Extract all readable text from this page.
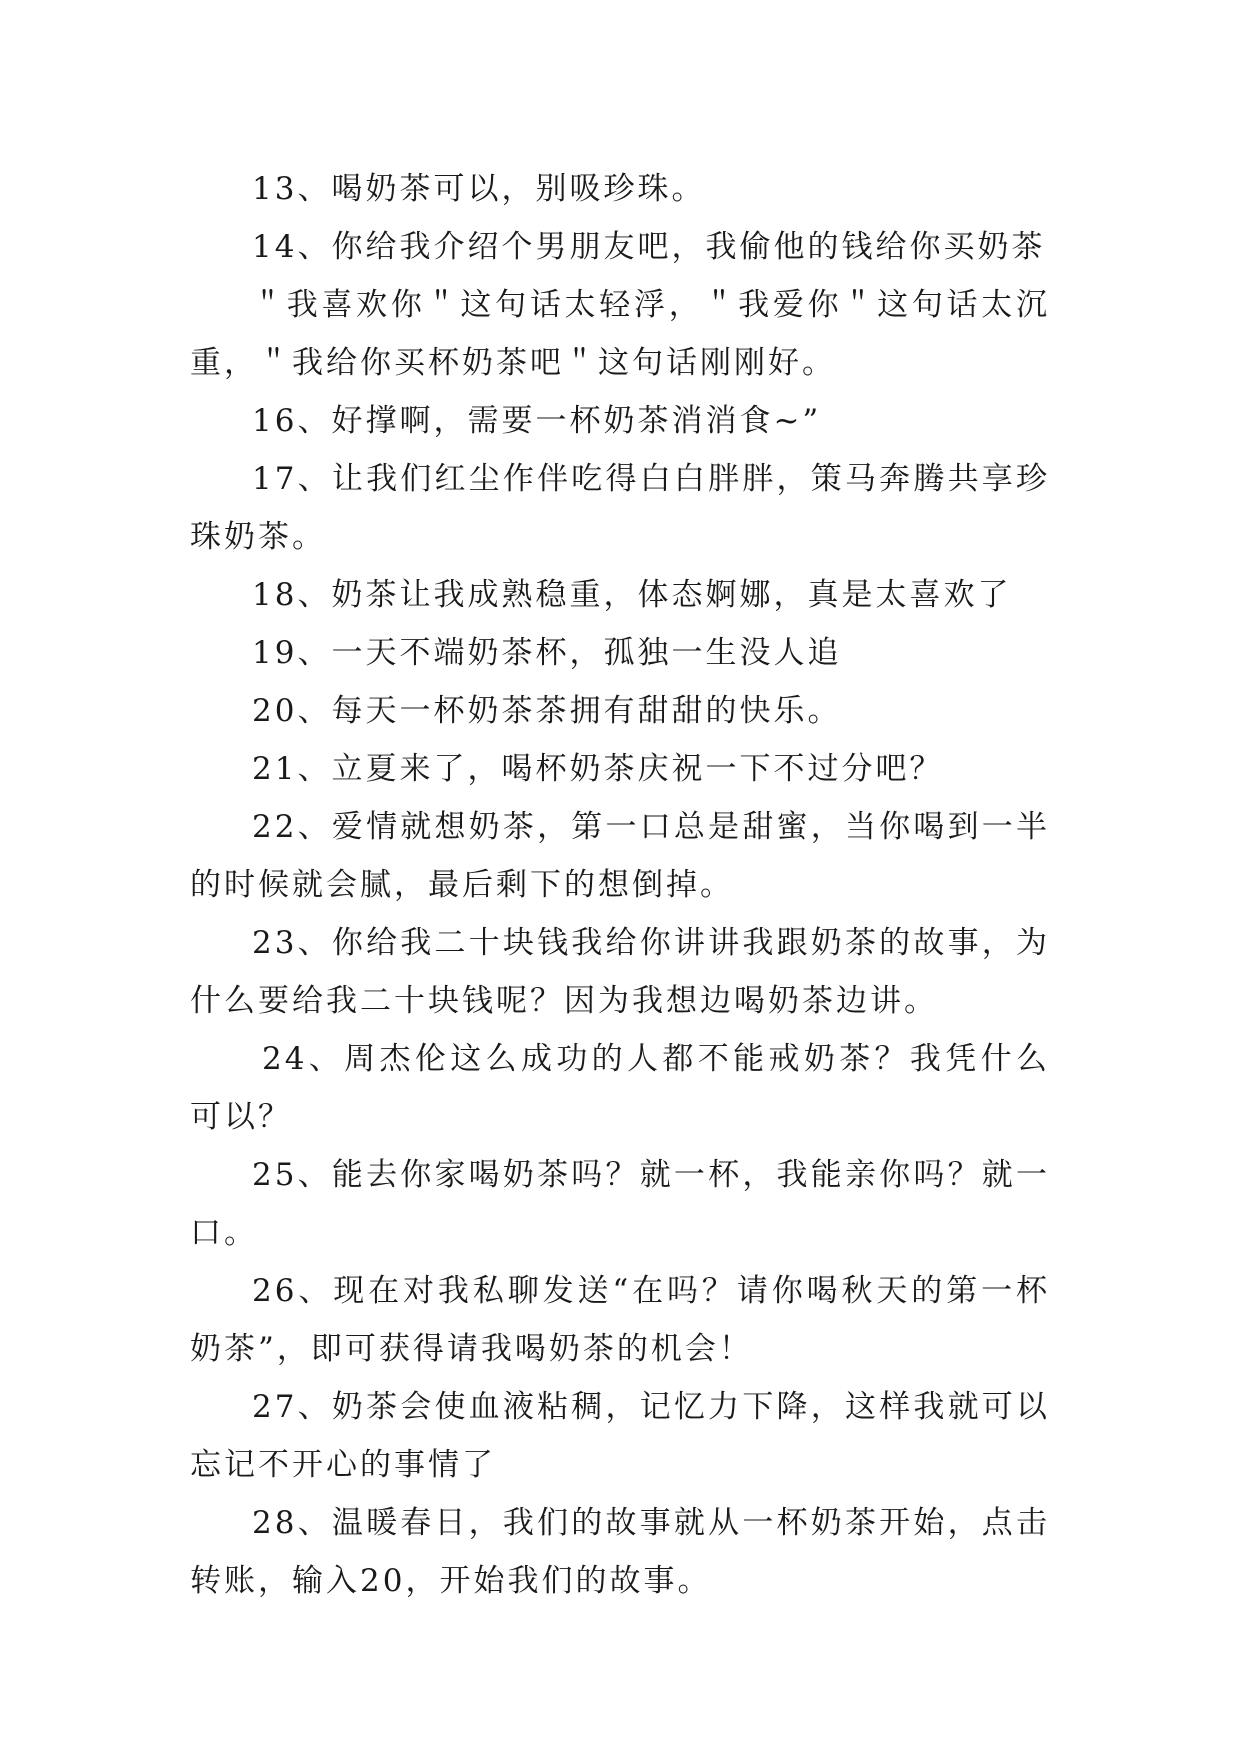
13、喝奶茶可以，别吸珍珠。

14、你给我介绍个男朋友吧，我偷他的钱给你买奶茶

＂我喜欢你＂这句话太轻浮，＂我爱你＂这句话太沉重，＂我给你买杯奶茶吧＂这句话刚刚好。

16、好撑啊，需要一杯奶茶消消食~”

17、让我们红尘作伴吃得白白胖胖，策马奔腾共享珍珠奶茶。

18、奶茶让我成熟稳重，体态婀娜，真是太喜欢了

19、一天不端奶茶杯，孤独一生没人追

20、每天一杯奶茶茶拥有甜甜的快乐。

21、立夏来了，喝杯奶茶庆祝一下不过分吧？

22、爱情就想奶茶，第一口总是甜蜜，当你喝到一半的时候就会腻，最后剩下的想倒掉。

23、你给我二十块钱我给你讲讲我跟奶茶的故事，为什么要给我二十块钱呢？因为我想边喝奶茶边讲。

24、周杰伦这么成功的人都不能戒奶茶？我凭什么可以？

25、能去你家喝奶茶吗？就一杯，我能亲你吗？就一口。

26、现在对我私聊发送“在吗？请你喝秋天的第一杯奶茶”，即可获得请我喝奶茶的机会！

27、奶茶会使血液粘稠，记忆力下降，这样我就可以忘记不开心的事情了

28、温暖春日，我们的故事就从一杯奶茶开始，点击转账，输入20，开始我们的故事。
